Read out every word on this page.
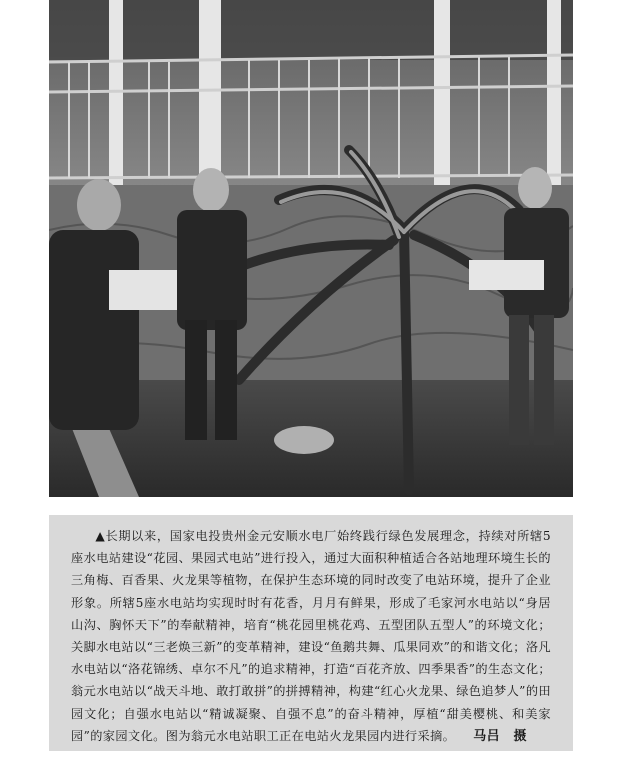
▲长期以来，国家电投贵州金元安顺水电厂始终践行绿色发展理念，持续对所辖5座水电站建设“花园、果园式电站”进行投入，通过大面积种植适合各站地理环境生长的三角梅、百香果、火龙果等植物，在保护生态环境的同时改变了电站环境，提升了企业形象。所辖5座水电站均实现时时有花香，月月有鲜果，形成了毛家河水电站以“身居山沟、胸怀天下”的奉献精神，培育“桃花园里桃花鸡、五型团队五型人”的环境文化；关脚水电站以“三老焕三新”的变革精神，建设“鱼鹅共舞、瓜果同欢”的和谐文化；洛凡水电站以“洛花锦绣、卓尔不凡”的追求精神，打造“百花齐放、四季果香”的生态文化；翁元水电站以“战天斗地、敢打敢拼”的拼搏精神，构建“红心火龙果、绿色追梦人”的田园文化；自强水电站以“精诚凝聚、自强不息”的奋斗精神，厚植“甜美樱桃、和美家园”的家园文化。图为翁元水电站职工正在电站火龙果园内进行采摘。 马吕　摄
